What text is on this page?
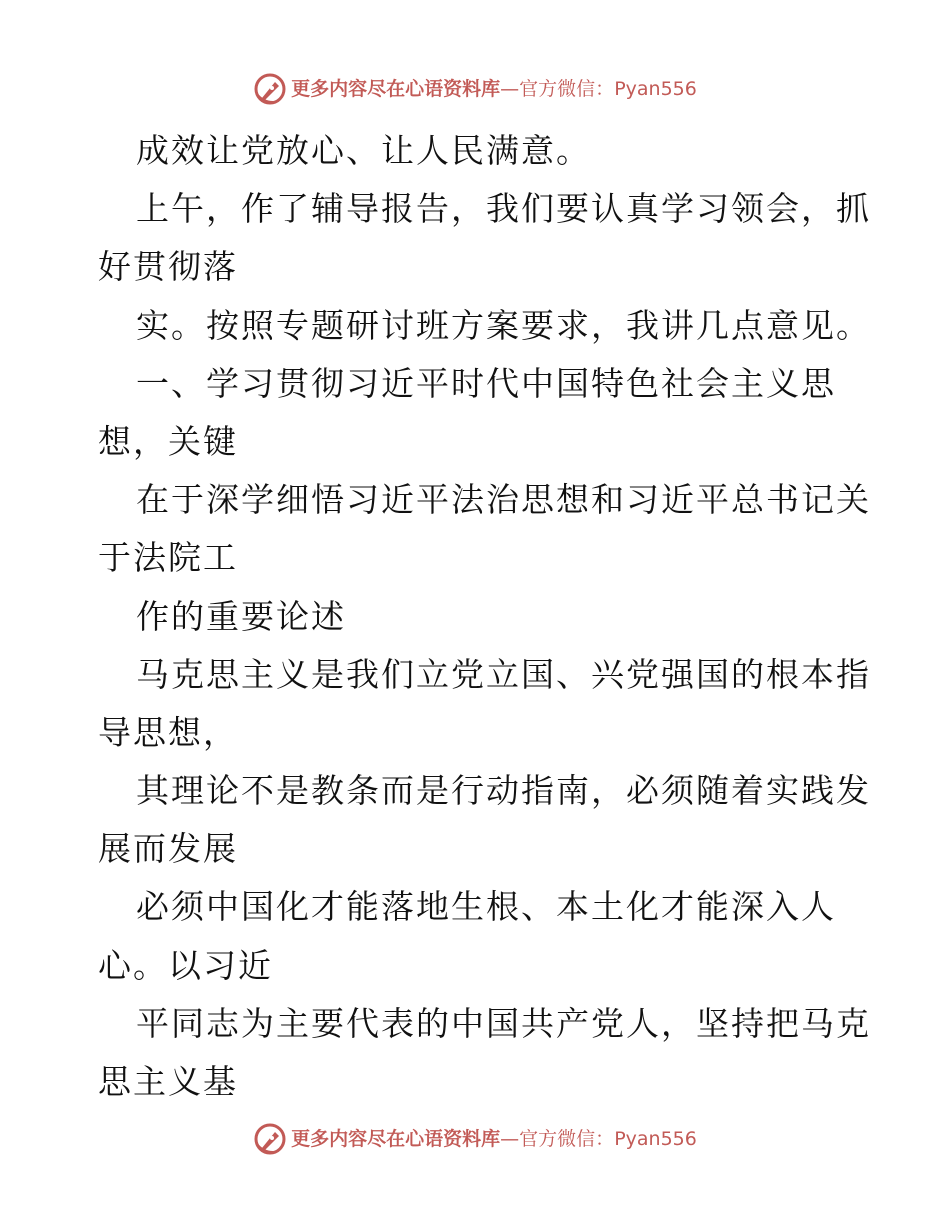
更多内容尽在心语资料库—官方微信：Pyan556
成效让党放心、让人民满意。
上午，作了辅导报告，我们要认真学习领会，抓
好贯彻落
实。按照专题研讨班方案要求，我讲几点意见。
一、学习贯彻习近平时代中国特色社会主义思
想，关键
在于深学细悟习近平法治思想和习近平总书记关
于法院工
作的重要论述
马克思主义是我们立党立国、兴党强国的根本指
导思想，
其理论不是教条而是行动指南，必须随着实践发
展而发展
必须中国化才能落地生根、本土化才能深入人
心。以习近
平同志为主要代表的中国共产党人，坚持把马克
思主义基
更多内容尽在心语资料库—官方微信：Pyan556
